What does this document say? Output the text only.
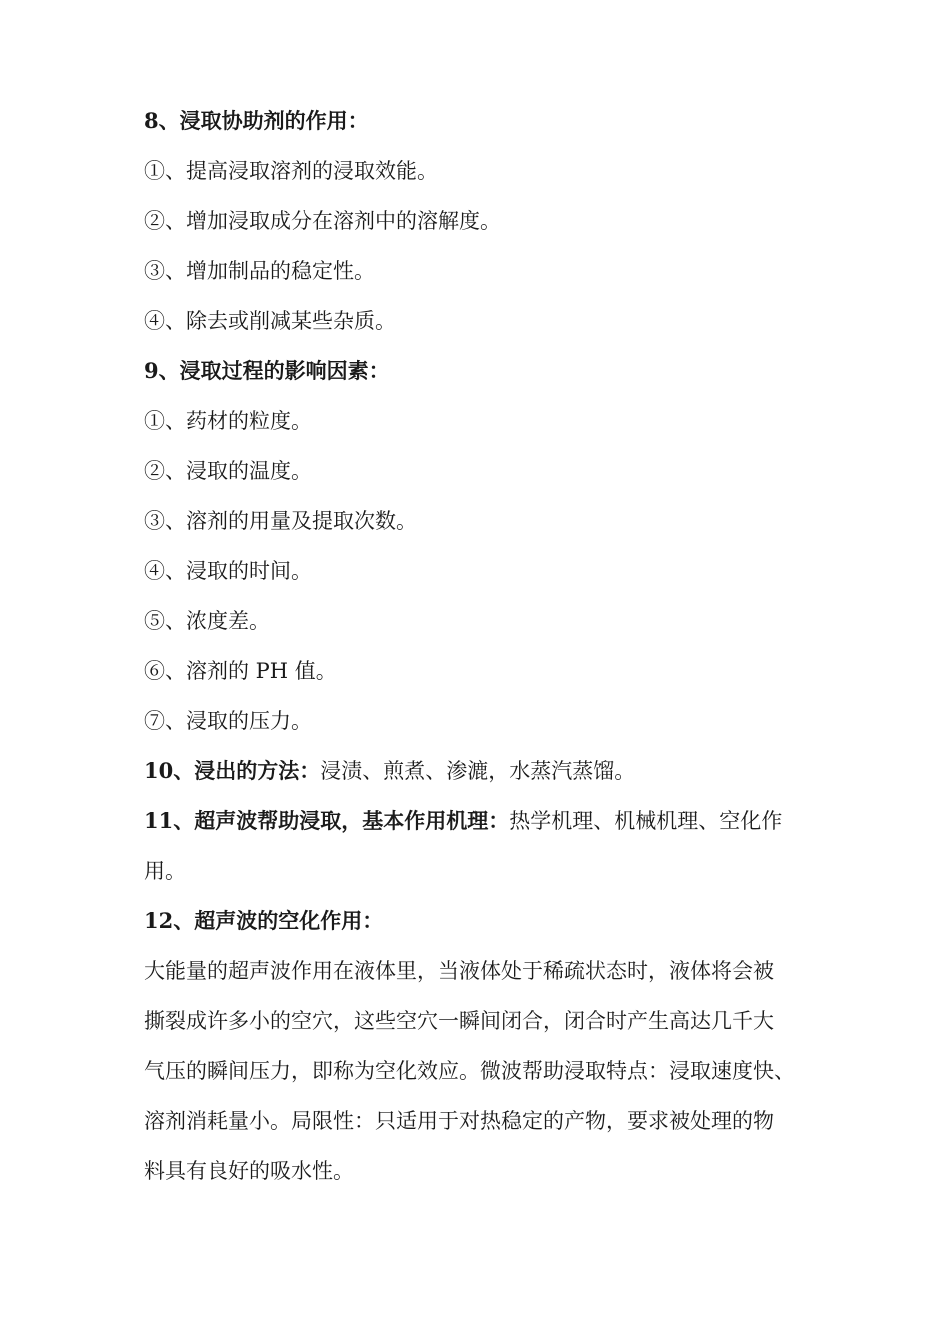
8、浸取协助剂的作用：

①、提高浸取溶剂的浸取效能。

②、增加浸取成分在溶剂中的溶解度。

③、增加制品的稳定性。

④、除去或削减某些杂质。

9、浸取过程的影响因素：

①、药材的粒度。

②、浸取的温度。

③、溶剂的用量及提取次数。

④、浸取的时间。

⑤、浓度差。

⑥、溶剂的 PH 值。

⑦、浸取的压力。

10、浸出的方法：浸渍、煎煮、渗漉，水蒸汽蒸馏。

11、超声波帮助浸取，基本作用机理：热学机理、机械机理、空化作

用。

12、超声波的空化作用：

大能量的超声波作用在液体里，当液体处于稀疏状态时，液体将会被

撕裂成许多小的空穴，这些空穴一瞬间闭合，闭合时产生高达几千大

气压的瞬间压力，即称为空化效应。微波帮助浸取特点：浸取速度快、

溶剂消耗量小。局限性：只适用于对热稳定的产物，要求被处理的物

料具有良好的吸水性。
